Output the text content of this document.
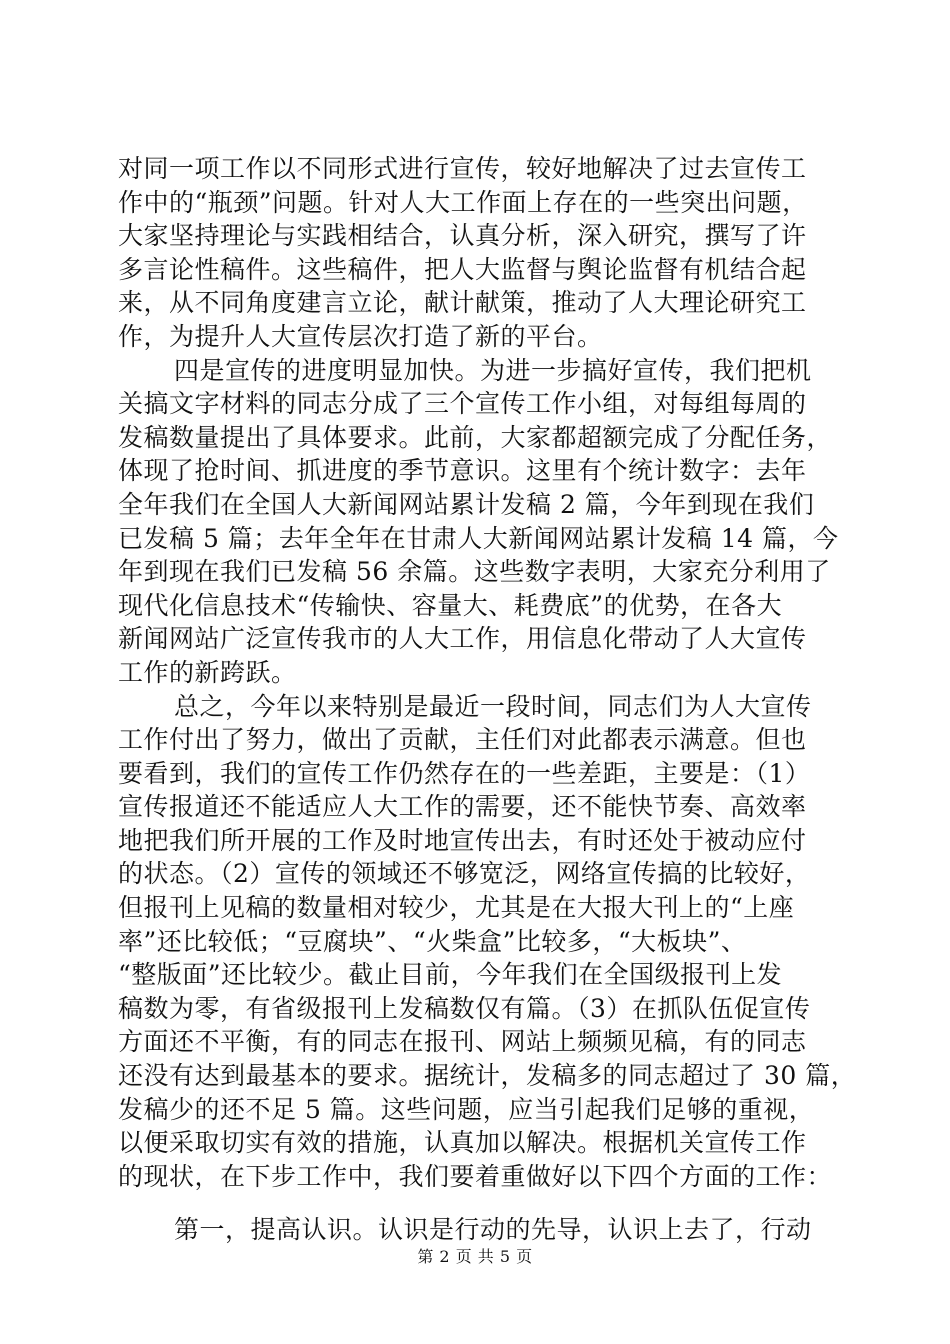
对同一项工作以不同形式进行宣传，较好地解决了过去宣传工
作中的“瓶颈”问题。针对人大工作面上存在的一些突出问题，
大家坚持理论与实践相结合，认真分析，深入研究，撰写了许
多言论性稿件。这些稿件，把人大监督与舆论监督有机结合起
来，从不同角度建言立论，献计献策，推动了人大理论研究工
作，为提升人大宣传层次打造了新的平台。
四是宣传的进度明显加快。为进一步搞好宣传，我们把机
关搞文字材料的同志分成了三个宣传工作小组，对每组每周的
发稿数量提出了具体要求。此前，大家都超额完成了分配任务，
体现了抢时间、抓进度的季节意识。这里有个统计数字：去年
全年我们在全国人大新闻网站累计发稿 2 篇，今年到现在我们
已发稿 5 篇；去年全年在甘肃人大新闻网站累计发稿 14 篇，今
年到现在我们已发稿 56 余篇。这些数字表明，大家充分利用了
现代化信息技术“传输快、容量大、耗费底”的优势，在各大
新闻网站广泛宣传我市的人大工作，用信息化带动了人大宣传
工作的新跨跃。
总之，今年以来特别是最近一段时间，同志们为人大宣传
工作付出了努力，做出了贡献，主任们对此都表示满意。但也
要看到，我们的宣传工作仍然存在的一些差距，主要是：（1）
宣传报道还不能适应人大工作的需要，还不能快节奏、高效率
地把我们所开展的工作及时地宣传出去，有时还处于被动应付
的状态。（2）宣传的领域还不够宽泛，网络宣传搞的比较好，
但报刊上见稿的数量相对较少，尤其是在大报大刊上的“上座
率”还比较低；“豆腐块”、“火柴盒”比较多，“大板块”、
“整版面”还比较少。截止目前，今年我们在全国级报刊上发
稿数为零，有省级报刊上发稿数仅有篇。（3）在抓队伍促宣传
方面还不平衡，有的同志在报刊、网站上频频见稿，有的同志
还没有达到最基本的要求。据统计，发稿多的同志超过了 30 篇，
发稿少的还不足 5 篇。这些问题，应当引起我们足够的重视，
以便采取切实有效的措施，认真加以解决。根据机关宣传工作
的现状，在下步工作中，我们要着重做好以下四个方面的工作：
第一，提高认识。认识是行动的先导，认识上去了，行动
第 2 页 共 5 页
